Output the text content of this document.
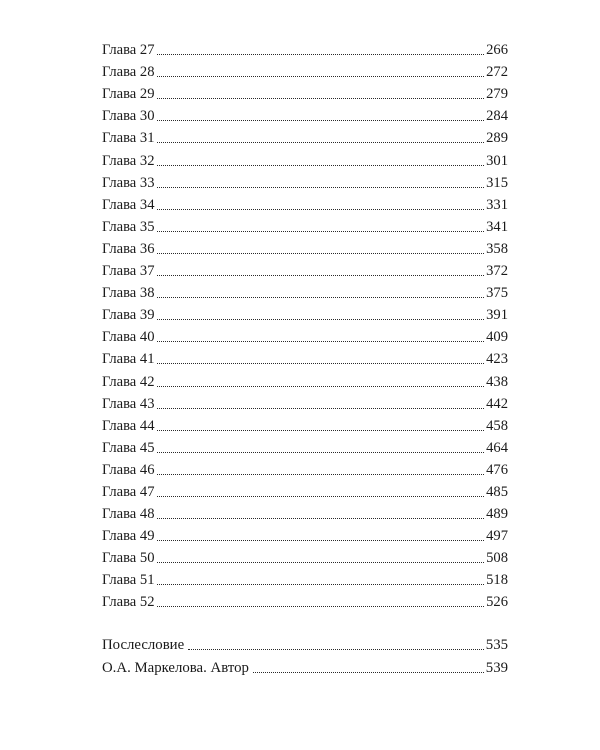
Глава 27	266
Глава 28	272
Глава 29	279
Глава 30	284
Глава 31	289
Глава 32	301
Глава 33	315
Глава 34	331
Глава 35	341
Глава 36	358
Глава 37	372
Глава 38	375
Глава 39	391
Глава 40	409
Глава 41	423
Глава 42	438
Глава 43	442
Глава 44	458
Глава 45	464
Глава 46	476
Глава 47	485
Глава 48	489
Глава 49	497
Глава 50	508
Глава 51	518
Глава 52	526
Послесловие	535
О.А. Маркелова. Автор	539
